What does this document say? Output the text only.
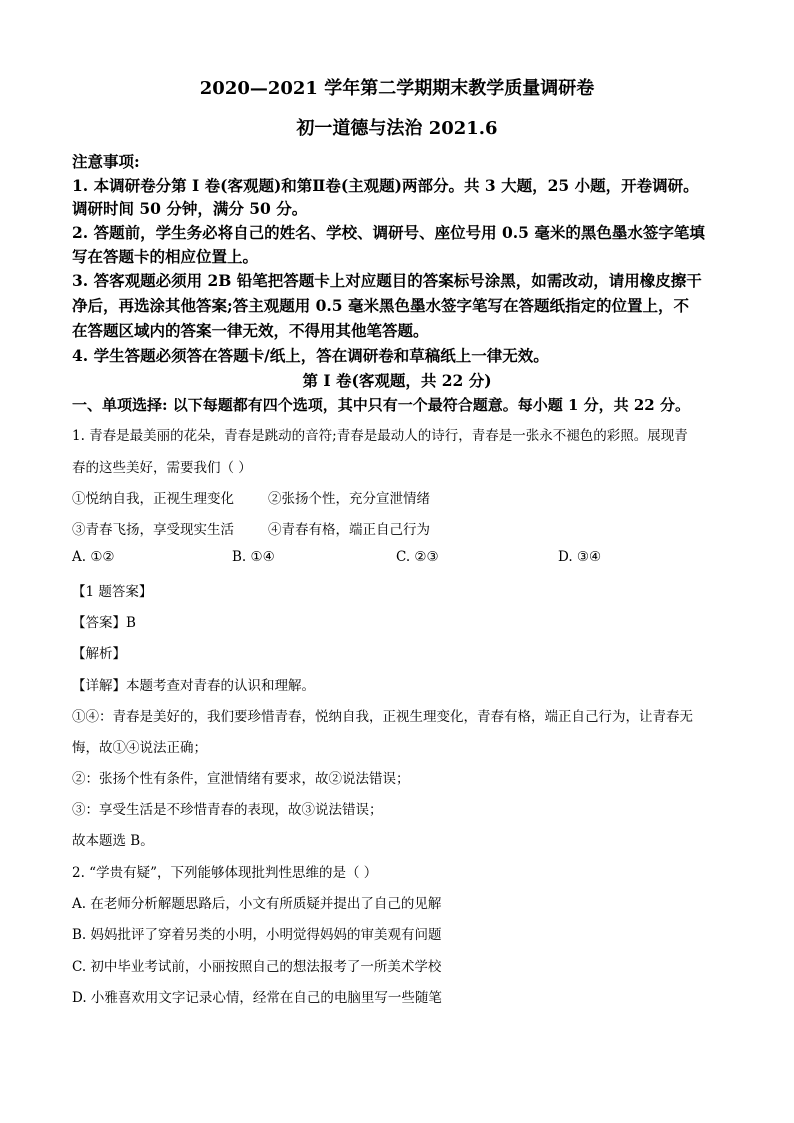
2020—2021 学年第二学期期末教学质量调研卷
初一道德与法治 2021.6
注意事项:
1. 本调研卷分第 I 卷(客观题)和第Ⅱ卷(主观题)两部分。共 3 大题，25 小题，开卷调研。
调研时间 50 分钟，满分 50 分。
2. 答题前，学生务必将自己的姓名、学校、调研号、座位号用 0.5 毫米的黑色墨水签字笔填
写在答题卡的相应位置上。
3. 答客观题必须用 2B 铅笔把答题卡上对应题目的答案标号涂黑，如需改动，请用橡皮擦干
净后，再选涂其他答案;答主观题用 0.5 毫米黑色墨水签字笔写在答题纸指定的位置上，不
在答题区域内的答案一律无效，不得用其他笔答题。
4. 学生答题必须答在答题卡/纸上，答在调研卷和草稿纸上一律无效。
第 I 卷(客观题，共 22 分)
一、单项选择: 以下每题都有四个选项，其中只有一个最符合题意。每小题 1 分，共 22 分。
1. 青春是最美丽的花朵，青春是跳动的音符;青春是最动人的诗行，青春是一张永不褪色的彩照。展现青
春的这些美好，需要我们（ ）
①悦纳自我，正视生理变化	②张扬个性，充分宣泄情绪
③青春飞扬，享受现实生活	④青春有格，端正自己行为
A. ①②	B. ①④	C. ②③	D. ③④
【1 题答案】
【答案】B
【解析】
【详解】本题考查对青春的认识和理解。
①④：青春是美好的，我们要珍惜青春，悦纳自我，正视生理变化，青春有格，端正自己行为，让青春无
悔，故①④说法正确；
②：张扬个性有条件，宣泄情绪有要求，故②说法错误；
③：享受生活是不珍惜青春的表现，故③说法错误；
故本题选 B。
2. “学贵有疑”，下列能够体现批判性思维的是（ ）
A. 在老师分析解题思路后，小文有所质疑并提出了自己的见解
B. 妈妈批评了穿着另类的小明，小明觉得妈妈的审美观有问题
C. 初中毕业考试前，小丽按照自己的想法报考了一所美术学校
D. 小雅喜欢用文字记录心情，经常在自己的电脑里写一些随笔
